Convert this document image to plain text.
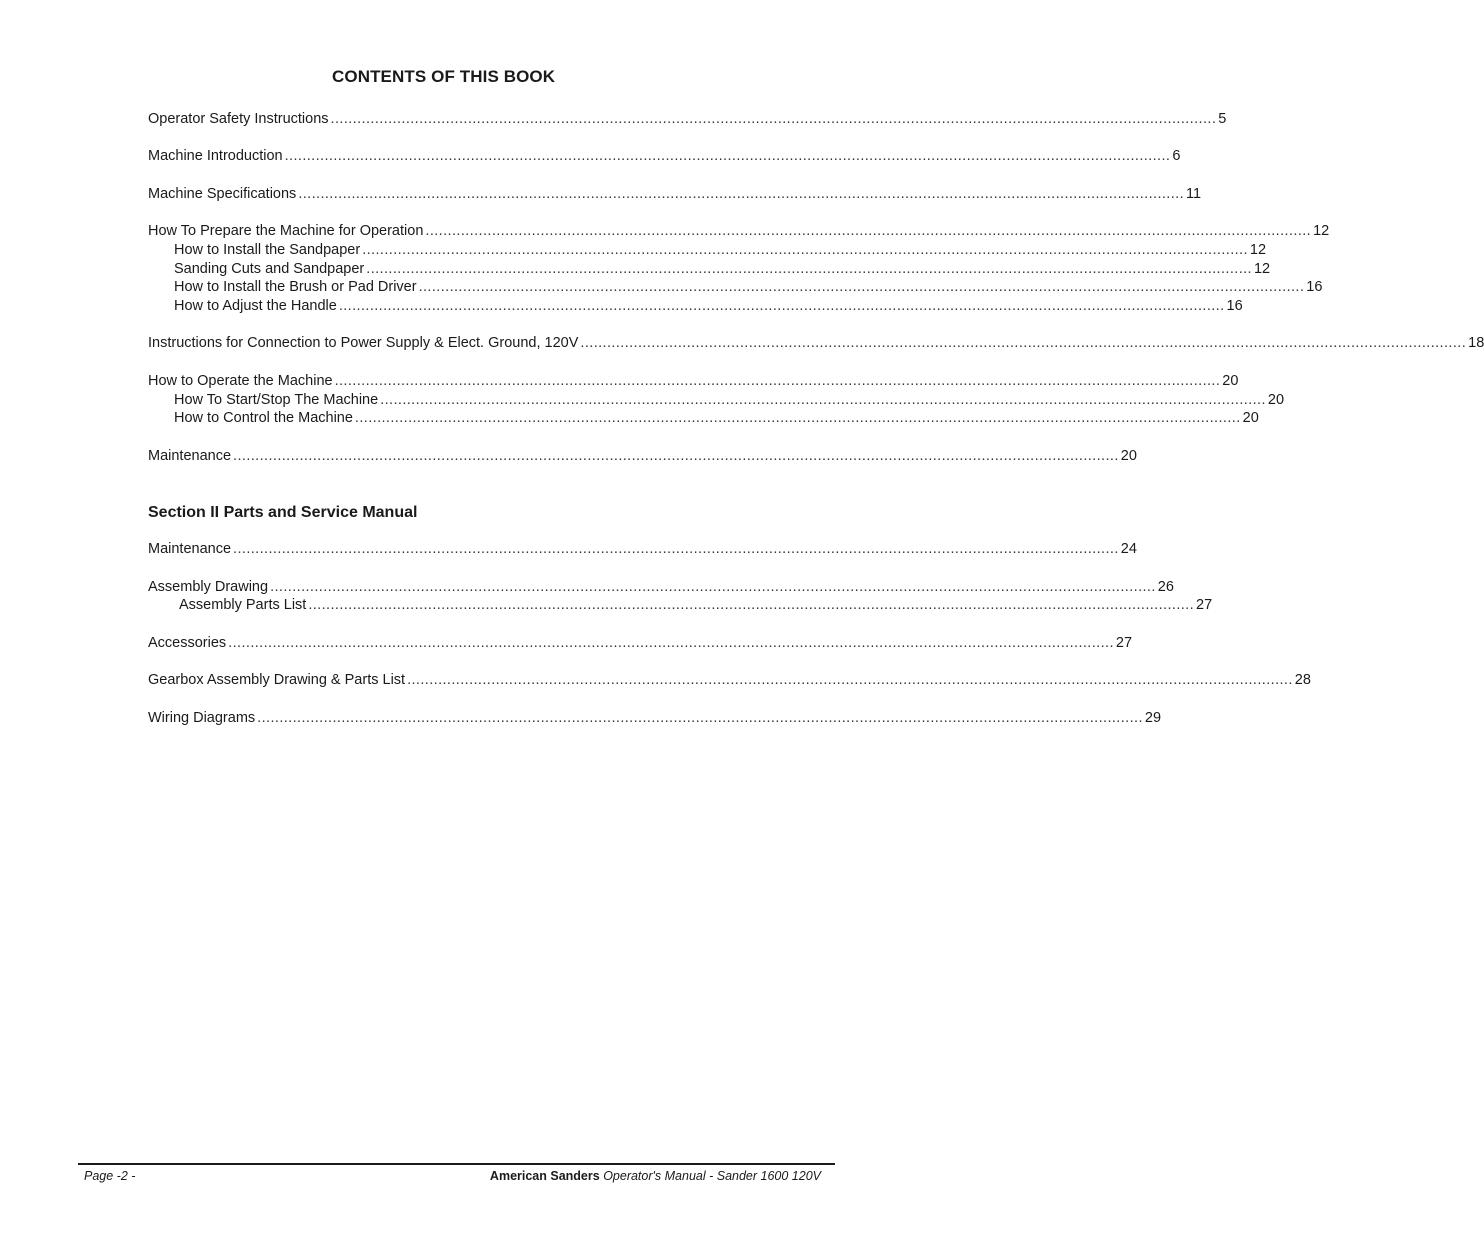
CONTENTS OF THIS BOOK
Operator Safety Instructions ........................................................................................................................................................................................................ 5
Machine Introduction ........................................................................................................................................................................................................ 6
Machine Specifications ........................................................................................................................................................................................................ 11
How To Prepare the Machine for Operation ........................................................................................................................................................................................................ 12
How to Install the Sandpaper ........................................................................................................................................................................................................ 12
Sanding Cuts and Sandpaper ........................................................................................................................................................................................................ 12
How to Install the Brush or Pad Driver ........................................................................................................................................................................................................ 16
How to Adjust the Handle ........................................................................................................................................................................................................ 16
Instructions for Connection to Power Supply & Elect. Ground, 120V ........................................................................................................................................................................................................ 18
How to Operate the Machine ........................................................................................................................................................................................................ 20
How To Start/Stop The Machine ........................................................................................................................................................................................................ 20
How to Control the Machine ........................................................................................................................................................................................................ 20
Maintenance ........................................................................................................................................................................................................ 20
Section II Parts and Service Manual
Maintenance ........................................................................................................................................................................................................ 24
Assembly Drawing ........................................................................................................................................................................................................ 26
Assembly Parts List ........................................................................................................................................................................................................ 27
Accessories ........................................................................................................................................................................................................ 27
Gearbox Assembly Drawing & Parts List ........................................................................................................................................................................................................ 28
Wiring Diagrams ........................................................................................................................................................................................................ 29
Page -2 -	American Sanders Operator's Manual - Sander 1600 120V
